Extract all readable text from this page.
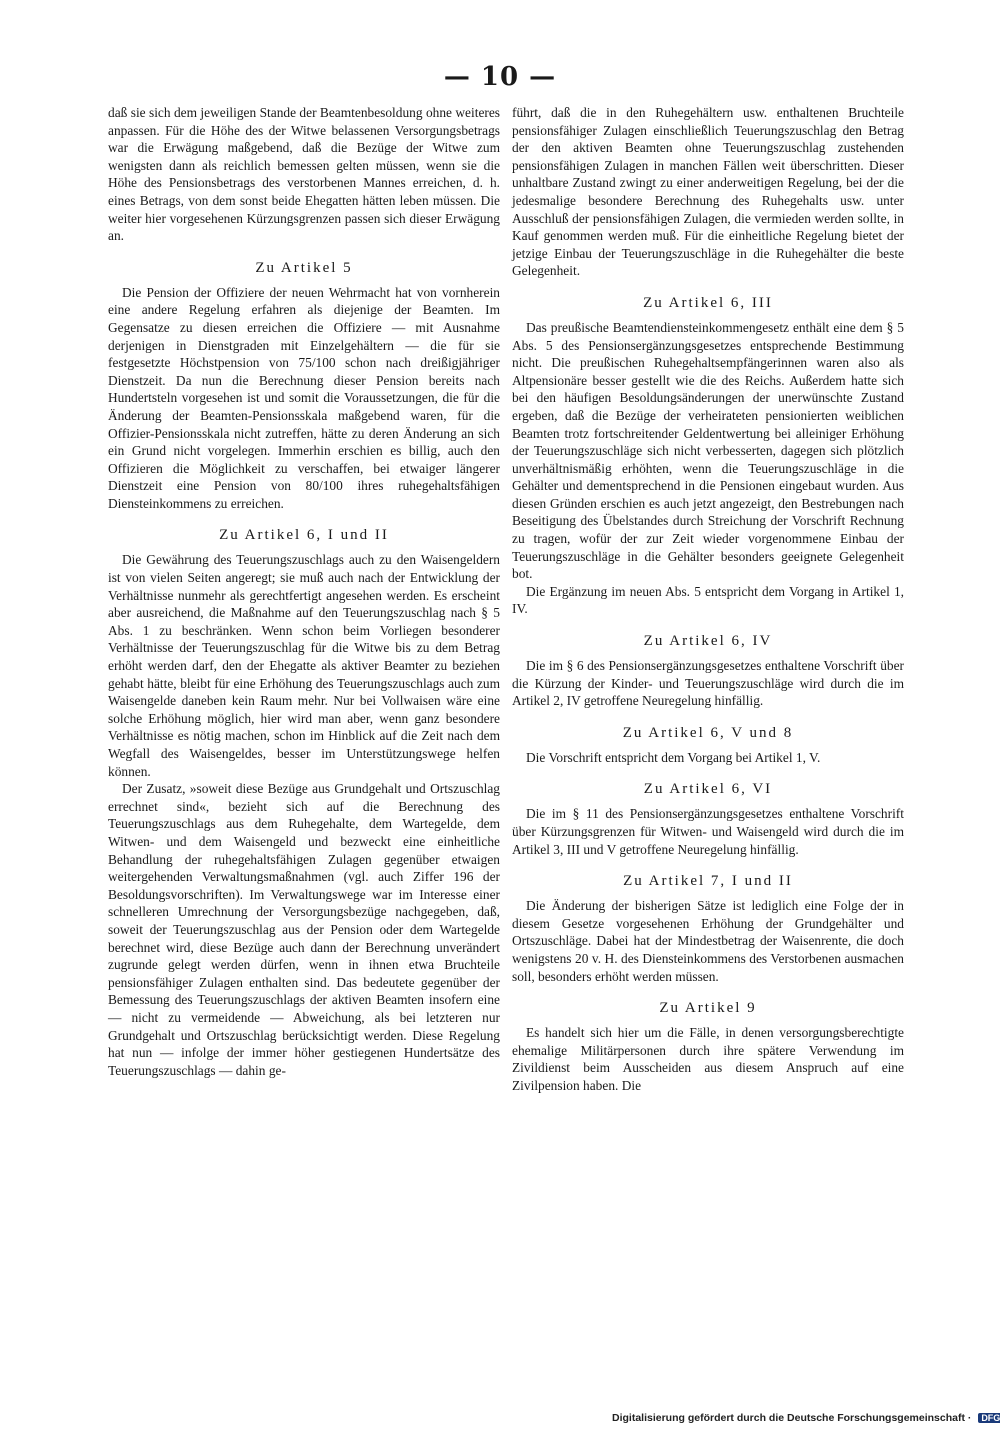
— 10 —

daß sie sich dem jeweiligen Stande der Beamtenbesoldung ohne weiteres anpassen. Für die Höhe des der Witwe belassenen Versorgungsbetrags war die Erwägung maßgebend, daß die Bezüge der Witwe zum wenigsten dann als reichlich bemessen gelten müssen, wenn sie die Höhe des Pensionsbetrags des verstorbenen Mannes erreichen, d. h. eines Betrags, von dem sonst beide Ehegatten hätten leben müssen. Die weiter hier vorgesehenen Kürzungsgrenzen passen sich dieser Erwägung an.

Zu Artikel 5

Die Pension der Offiziere der neuen Wehrmacht hat von vornherein eine andere Regelung erfahren als diejenige der Beamten. Im Gegensatze zu diesen erreichen die Offiziere — mit Ausnahme derjenigen in Dienstgraden mit Einzelgehältern — die für sie festgesetzte Höchstpension von 75/100 schon nach dreißigjähriger Dienstzeit. Da nun die Berechnung dieser Pension bereits nach Hundertsteln vorgesehen ist und somit die Voraussetzungen, die für die Änderung der Beamten-Pensionsskala maßgebend waren, für die Offizier-Pensionsskala nicht zutreffen, hätte zu deren Änderung an sich ein Grund nicht vorgelegen. Immerhin erschien es billig, auch den Offizieren die Möglichkeit zu verschaffen, bei etwaiger längerer Dienstzeit eine Pension von 80/100 ihres ruhegehaltsfähigen Diensteinkommens zu erreichen.

Zu Artikel 6, I und II

Die Gewährung des Teuerungszuschlags auch zu den Waisengeldern ist von vielen Seiten angeregt; sie muß auch nach der Entwicklung der Verhältnisse nunmehr als gerechtfertigt angesehen werden. Es erscheint aber ausreichend, die Maßnahme auf den Teuerungszuschlag nach § 5 Abs. 1 zu beschränken. Wenn schon beim Vorliegen besonderer Verhältnisse der Teuerungszuschlag für die Witwe bis zu dem Betrag erhöht werden darf, den der Ehegatte als aktiver Beamter zu beziehen gehabt hätte, bleibt für eine Erhöhung des Teuerungszuschlags auch zum Waisengelde daneben kein Raum mehr. Nur bei Vollwaisen wäre eine solche Erhöhung möglich, hier wird man aber, wenn ganz besondere Verhältnisse es nötig machen, schon im Hinblick auf die Zeit nach dem Wegfall des Waisengeldes, besser im Unterstützungswege helfen können.

Der Zusatz, »soweit diese Bezüge aus Grundgehalt und Ortszuschlag errechnet sind«, bezieht sich auf die Berechnung des Teuerungszuschlags aus dem Ruhegehalte, dem Wartegelde, dem Witwen- und dem Waisengeld und bezweckt eine einheitliche Behandlung der ruhegehaltsfähigen Zulagen gegenüber etwaigen weitergehenden Verwaltungsmaßnahmen (vgl. auch Ziffer 196 der Besoldungsvorschriften). Im Verwaltungswege war im Interesse einer schnelleren Umrechnung der Versorgungsbezüge nachgegeben, daß, soweit der Teuerungszuschlag aus der Pension oder dem Wartegelde berechnet wird, diese Bezüge auch dann der Berechnung unverändert zugrunde gelegt werden dürfen, wenn in ihnen etwa Bruchteile pensionsfähiger Zulagen enthalten sind. Das bedeutete gegenüber der Bemessung des Teuerungszuschlags der aktiven Beamten insofern eine — nicht zu vermeidende — Abweichung, als bei letzteren nur Grundgehalt und Ortszuschlag berücksichtigt werden. Diese Regelung hat nun — infolge der immer höher gestiegenen Hundertsätze des Teuerungszuschlags — dahin ge-

führt, daß die in den Ruhegehältern usw. enthaltenen Bruchteile pensionsfähiger Zulagen einschließlich Teuerungszuschlag den Betrag der den aktiven Beamten ohne Teuerungszuschlag zustehenden pensionsfähigen Zulagen in manchen Fällen weit überschritten. Dieser unhaltbare Zustand zwingt zu einer anderweitigen Regelung, bei der die jedesmalige besondere Berechnung des Ruhegehalts usw. unter Ausschluß der pensionsfähigen Zulagen, die vermieden werden sollte, in Kauf genommen werden muß. Für die einheitliche Regelung bietet der jetzige Einbau der Teuerungszuschläge in die Ruhegehälter die beste Gelegenheit.

Zu Artikel 6, III

Das preußische Beamtendiensteinkommengesetz enthält eine dem § 5 Abs. 5 des Pensionsergänzungsgesetzes entsprechende Bestimmung nicht. Die preußischen Ruhegehaltsempfängerinnen waren also als Altpensionäre besser gestellt wie die des Reichs. Außerdem hatte sich bei den häufigen Besoldungsänderungen der unerwünschte Zustand ergeben, daß die Bezüge der verheirateten pensionierten weiblichen Beamten trotz fortschreitender Geldentwertung bei alleiniger Erhöhung der Teuerungszuschläge sich nicht verbesserten, dagegen sich plötzlich unverhältnismäßig erhöhten, wenn die Teuerungszuschläge in die Gehälter und dementsprechend in die Pensionen eingebaut wurden. Aus diesen Gründen erschien es auch jetzt angezeigt, den Bestrebungen nach Beseitigung des Übelstandes durch Streichung der Vorschrift Rechnung zu tragen, wofür der zur Zeit wieder vorgenommene Einbau der Teuerungszuschläge in die Gehälter besonders geeignete Gelegenheit bot.

Die Ergänzung im neuen Abs. 5 entspricht dem Vorgang in Artikel 1, IV.

Zu Artikel 6, IV

Die im § 6 des Pensionsergänzungsgesetzes enthaltene Vorschrift über die Kürzung der Kinder- und Teuerungszuschläge wird durch die im Artikel 2, IV getroffene Neuregelung hinfällig.

Zu Artikel 6, V und 8

Die Vorschrift entspricht dem Vorgang bei Artikel 1, V.

Zu Artikel 6, VI

Die im § 11 des Pensionsergänzungsgesetzes enthaltene Vorschrift über Kürzungsgrenzen für Witwen- und Waisengeld wird durch die im Artikel 3, III und V getroffene Neuregelung hinfällig.

Zu Artikel 7, I und II

Die Änderung der bisherigen Sätze ist lediglich eine Folge der in diesem Gesetze vorgesehenen Erhöhung der Grundgehälter und Ortszuschläge. Dabei hat der Mindestbetrag der Waisenrente, die doch wenigstens 20 v. H. des Diensteinkommens des Verstorbenen ausmachen soll, besonders erhöht werden müssen.

Zu Artikel 9

Es handelt sich hier um die Fälle, in denen versorgungsberechtigte ehemalige Militärpersonen durch ihre spätere Verwendung im Zivildienst beim Ausscheiden aus diesem Anspruch auf eine Zivilpension haben. Die

Digitalisierung gefördert durch die Deutsche Forschungsgemeinschaft · DFG
